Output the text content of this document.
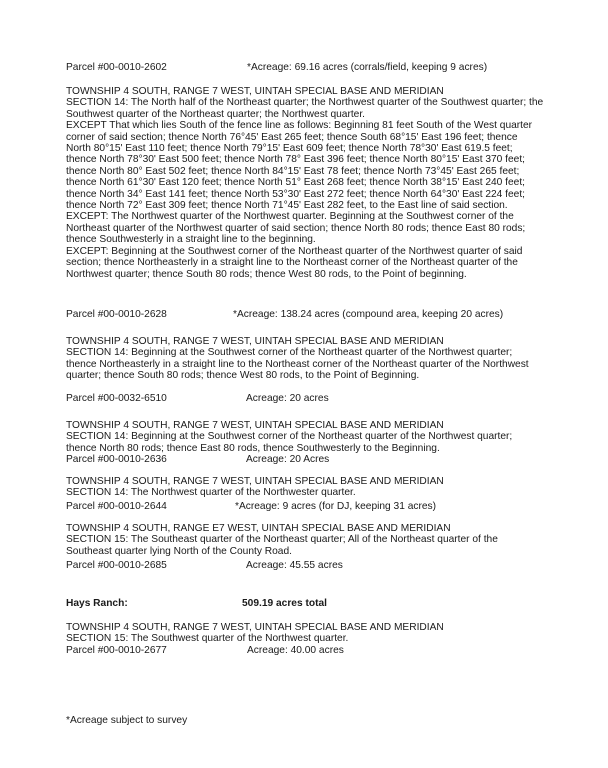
Parcel #00-0010-2602	*Acreage: 69.16 acres (corrals/field, keeping 9 acres)

TOWNSHIP 4 SOUTH, RANGE 7 WEST, UINTAH SPECIAL BASE AND MERIDIAN

SECTION 14: The North half of the Northeast quarter; the Northwest quarter of the Southwest quarter; the Southwest quarter of the Northeast quarter; the Northwest quarter.

EXCEPT That which lies South of the fence line as follows: Beginning 81 feet South of the West quarter corner of said section; thence North 76°45' East 265 feet; thence South 68°15' East 196 feet; thence North 80°15' East 110 feet; thence North 79°15' East 609 feet; thence North 78°30' East 619.5 feet; thence North 78°30' East 500 feet; thence North 78° East 396 feet; thence North 80°15' East 370 feet; thence North 80° East 502 feet; thence North 84°15' East 78 feet; thence North 73°45' East 265 feet; thence North 61°30' East 120 feet; thence North 51° East 268 feet; thence North 38°15' East 240 feet; thence North 34° East 141 feet; thence North 53°30' East 272 feet; thence North 64°30' East 224 feet; thence North 72° East 309 feet; thence North 71°45' East 282 feet, to the East line of said section.

EXCEPT: The Northwest quarter of the Northwest quarter. Beginning at the Southwest corner of the Northeast quarter of the Northwest quarter of said section; thence North 80 rods; thence East 80 rods; thence Southwesterly in a straight line to the beginning.

EXCEPT: Beginning at the Southwest corner of the Northeast quarter of the Northwest quarter of said section; thence Northeasterly in a straight line to the Northeast corner of the Northeast quarter of the Northwest quarter; thence South 80 rods; thence West 80 rods, to the Point of beginning.

Parcel #00-0010-2628	*Acreage: 138.24 acres (compound area, keeping 20 acres)

TOWNSHIP 4 SOUTH, RANGE 7 WEST, UINTAH SPECIAL BASE AND MERIDIAN

SECTION 14: Beginning at the Southwest corner of the Northeast quarter of the Northwest quarter; thence Northeasterly in a straight line to the Northeast corner of the Northeast quarter of the Northwest quarter; thence South 80 rods; thence West 80 rods, to the Point of Beginning.

Parcel #00-0032-6510	Acreage: 20 acres

TOWNSHIP 4 SOUTH, RANGE 7 WEST, UINTAH SPECIAL BASE AND MERIDIAN

SECTION 14: Beginning at the Southwest corner of the Northeast quarter of the Northwest quarter; thence North 80 rods; thence East 80 rods, thence Southwesterly to the Beginning.

Parcel #00-0010-2636	Acreage: 20 Acres

TOWNSHIP 4 SOUTH, RANGE 7 WEST, UINTAH SPECIAL BASE AND MERIDIAN

SECTION 14: The Northwest quarter of the Northwester quarter.

Parcel #00-0010-2644	*Acreage: 9 acres (for DJ, keeping 31 acres)

TOWNSHIP 4 SOUTH, RANGE E7 WEST, UINTAH SPECIAL BASE AND MERIDIAN

SECTION 15: The Southeast quarter of the Northeast quarter; All of the Northeast quarter of the Southeast quarter lying North of the County Road.

Parcel #00-0010-2685	Acreage: 45.55 acres
Hays Ranch:	509.19 acres total

TOWNSHIP 4 SOUTH, RANGE 7 WEST, UINTAH SPECIAL BASE AND MERIDIAN

SECTION 15: The Southwest quarter of the Northwest quarter.

Parcel #00-0010-2677	Acreage: 40.00 acres
*Acreage subject to survey
